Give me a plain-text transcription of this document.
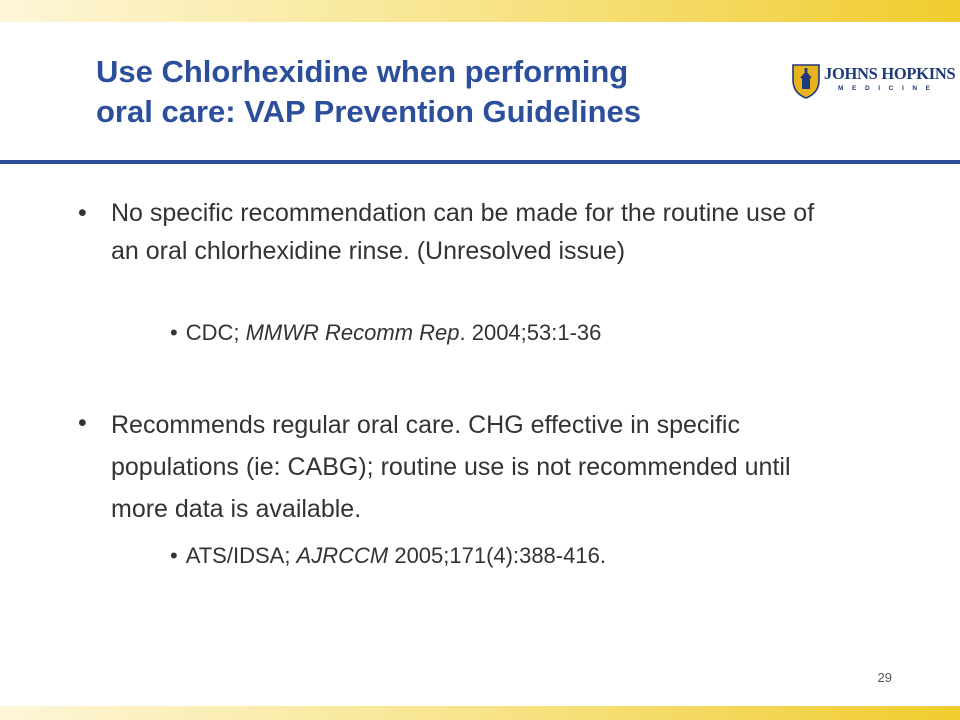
Use Chlorhexidine when performing
oral care: VAP Prevention Guidelines
JOHNS HOPKINS
MEDICINE
• No specific recommendation can be made for the routine use of an oral chlorhexidine rinse. (Unresolved issue)
• CDC; MMWR Recomm Rep. 2004;53:1-36
• Recommends regular oral care. CHG effective in specific populations (ie: CABG); routine use is not recommended until more data is available.
• ATS/IDSA; AJRCCM 2005;171(4):388-416.
29
